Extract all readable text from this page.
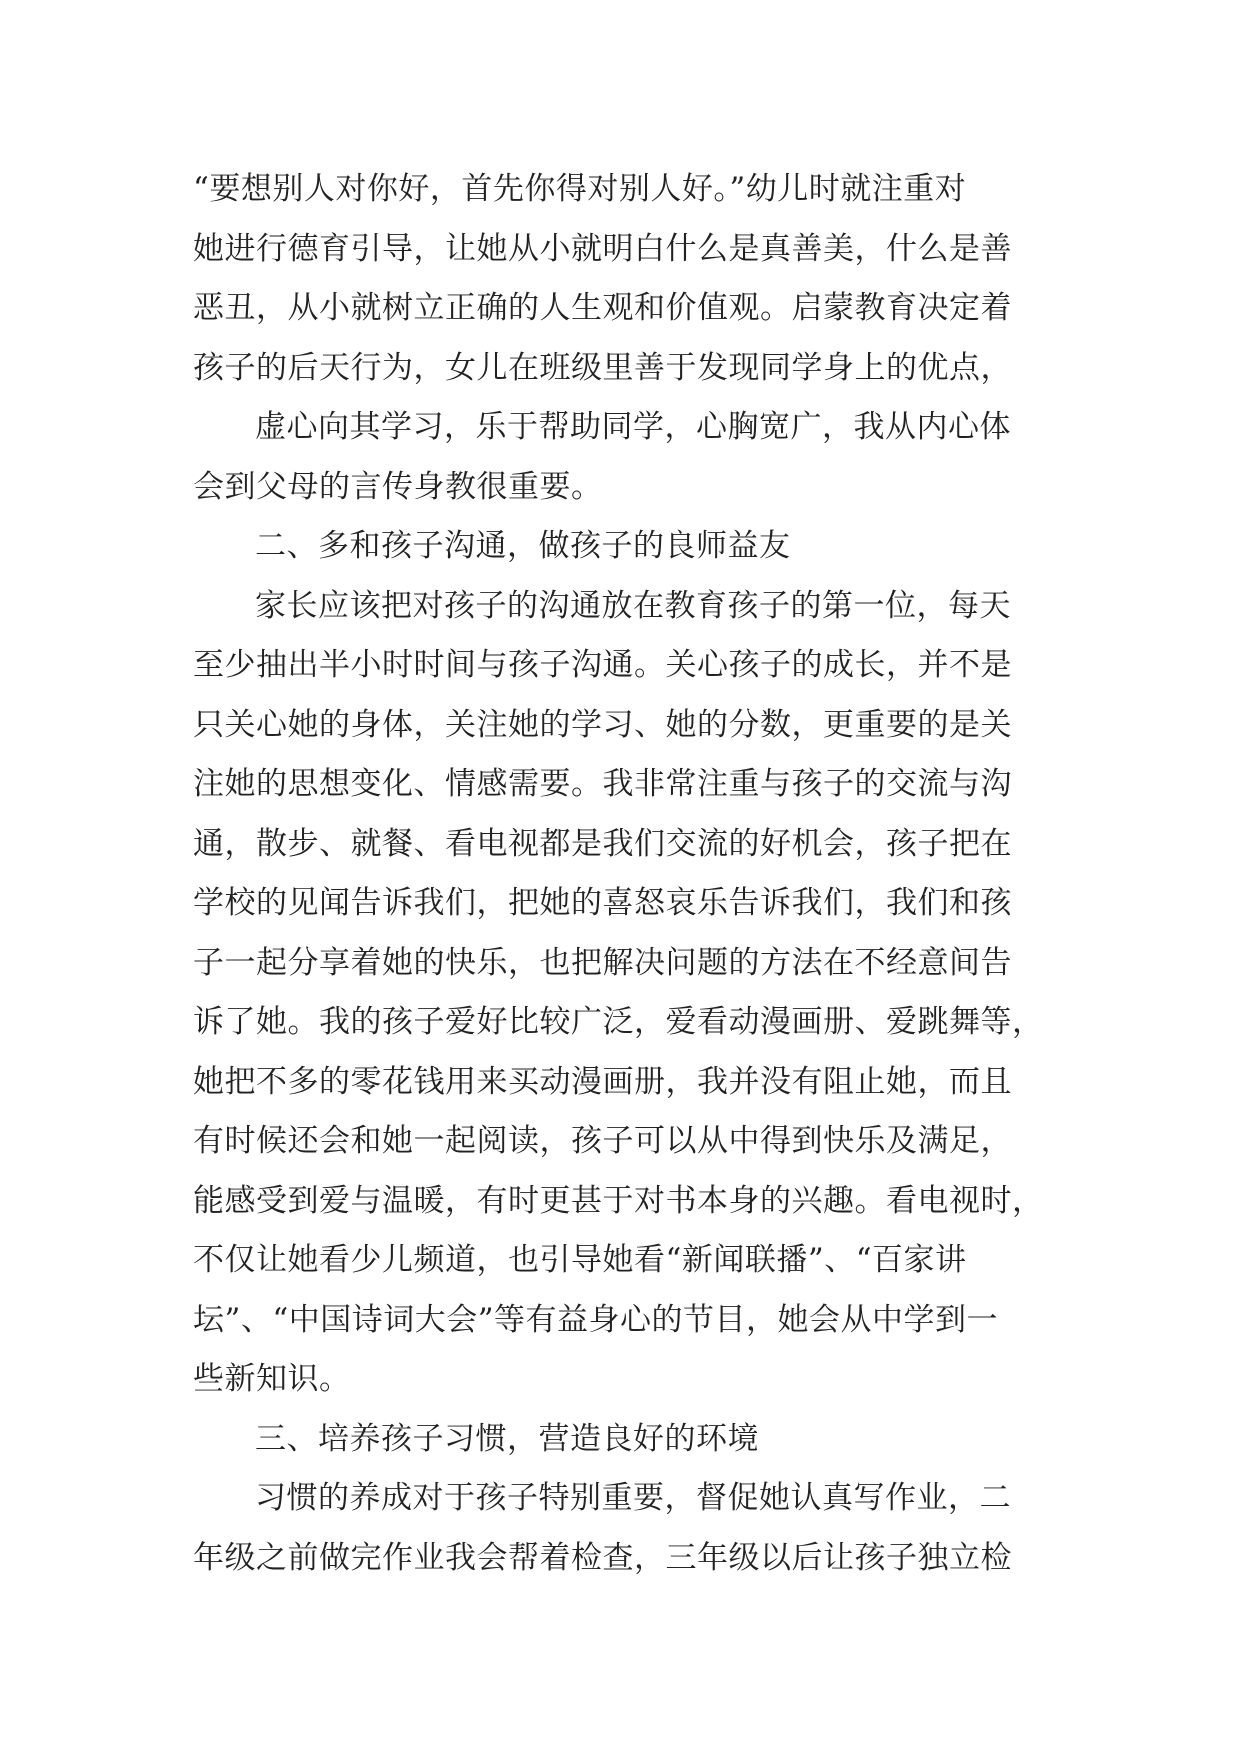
“要想别人对你好，首先你得对别人好。”幼儿时就注重对
她进行德育引导，让她从小就明白什么是真善美，什么是善
恶丑，从小就树立正确的人生观和价值观。启蒙教育决定着
孩子的后天行为，女儿在班级里善于发现同学身上的优点，
虚心向其学习，乐于帮助同学，心胸宽广，我从内心体
会到父母的言传身教很重要。
二、多和孩子沟通，做孩子的良师益友
家长应该把对孩子的沟通放在教育孩子的第一位，每天
至少抽出半小时时间与孩子沟通。关心孩子的成长，并不是
只关心她的身体，关注她的学习、她的分数，更重要的是关
注她的思想变化、情感需要。我非常注重与孩子的交流与沟
通，散步、就餐、看电视都是我们交流的好机会，孩子把在
学校的见闻告诉我们，把她的喜怒哀乐告诉我们，我们和孩
子一起分享着她的快乐，也把解决问题的方法在不经意间告
诉了她。我的孩子爱好比较广泛，爱看动漫画册、爱跳舞等，
她把不多的零花钱用来买动漫画册，我并没有阻止她，而且
有时候还会和她一起阅读，孩子可以从中得到快乐及满足，
能感受到爱与温暖，有时更甚于对书本身的兴趣。看电视时，
不仅让她看少儿频道，也引导她看“新闻联播”、“百家讲
坛”、“中国诗词大会”等有益身心的节目，她会从中学到一
些新知识。
三、培养孩子习惯，营造良好的环境
习惯的养成对于孩子特别重要，督促她认真写作业，二
年级之前做完作业我会帮着检查，三年级以后让孩子独立检
